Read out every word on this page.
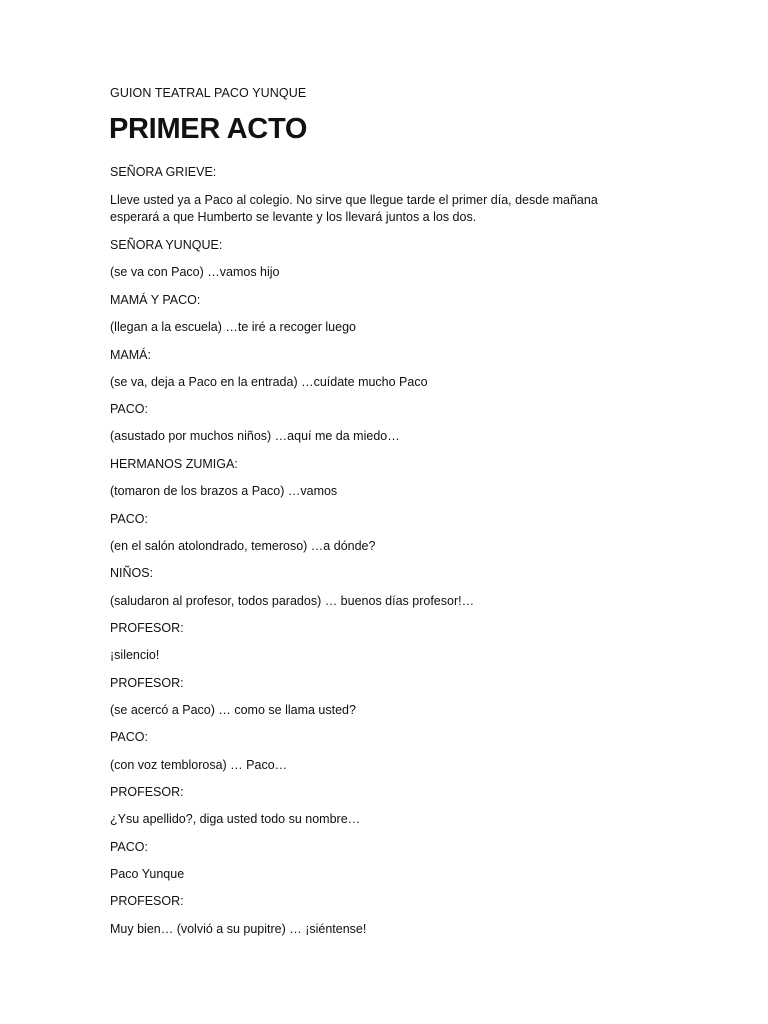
GUION TEATRAL PACO YUNQUE
PRIMER ACTO
SEÑORA GRIEVE:
Lleve usted ya a Paco al colegio. No sirve que llegue tarde el primer día, desde mañana esperará a que Humberto se levante y los llevará juntos a los dos.
SEÑORA YUNQUE:
(se va con Paco) …vamos hijo
MAMÁ Y PACO:
(llegan a la escuela) …te iré a recoger luego
MAMÁ:
(se va, deja a Paco en la entrada) …cuídate mucho Paco
PACO:
(asustado por muchos niños) …aquí me da miedo…
HERMANOS ZUMIGA:
(tomaron de los brazos a Paco) …vamos
PACO:
(en el salón atolondrado, temeroso) …a dónde?
NIÑOS:
(saludaron al profesor, todos parados) … buenos días profesor!…
PROFESOR:
¡silencio!
PROFESOR:
(se acercó a Paco) … como se llama usted?
PACO:
(con voz temblorosa) … Paco…
PROFESOR:
¿Ysu apellido?, diga usted todo su nombre…
PACO:
Paco Yunque
PROFESOR:
Muy bien… (volvió a su pupitre) … ¡siéntense!
